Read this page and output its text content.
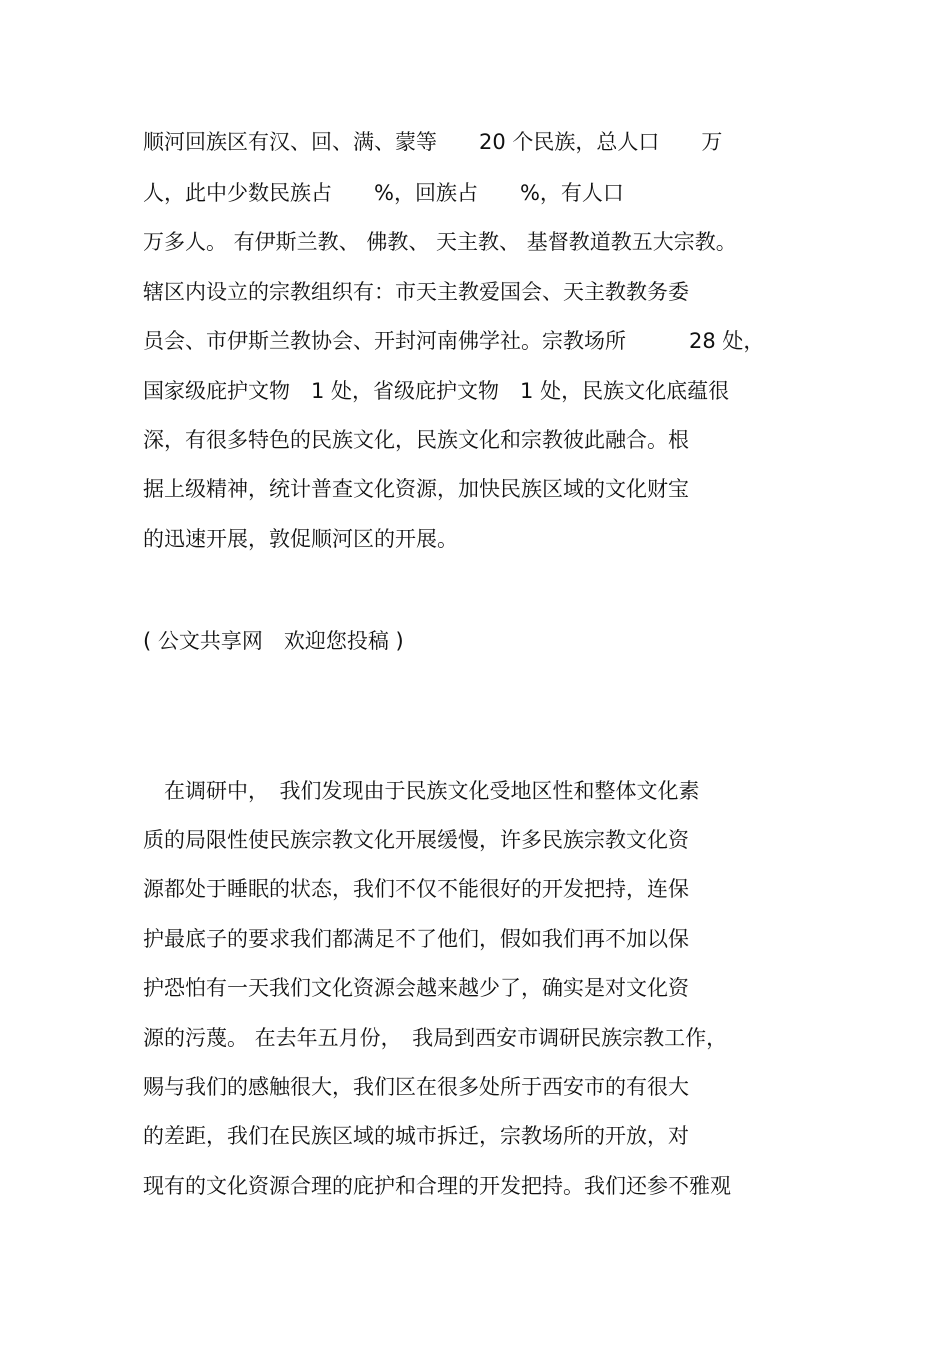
顺河回族区有汉、回、满、蒙等　　20 个民族，总人口　　万

人，此中少数民族占　　%，回族占　　%，有人口

万多人。 有伊斯兰教、 佛教、 天主教、 基督教道教五大宗教。

辖区内设立的宗教组织有：市天主教爱国会、天主教教务委

员会、市伊斯兰教协会、开封河南佛学社。宗教场所　　　28 处，

国家级庇护文物　1 处，省级庇护文物　1 处，民族文化底蕴很

深，有很多特色的民族文化，民族文化和宗教彼此融合。根

据上级精神，统计普查文化资源，加快民族区域的文化财宝

的迅速开展，敦促顺河区的开展。

( 公文共享网　欢迎您投稿 )

　在调研中，　我们发现由于民族文化受地区性和整体文化素

质的局限性使民族宗教文化开展缓慢，许多民族宗教文化资

源都处于睡眠的状态，我们不仅不能很好的开发把持，连保

护最底子的要求我们都满足不了他们，假如我们再不加以保

护恐怕有一天我们文化资源会越来越少了，确实是对文化资

源的污蔑。 在去年五月份，　我局到西安市调研民族宗教工作，

赐与我们的感触很大，我们区在很多处所于西安市的有很大

的差距，我们在民族区域的城市拆迁，宗教场所的开放，对

现有的文化资源合理的庇护和合理的开发把持。我们还参不雅观
